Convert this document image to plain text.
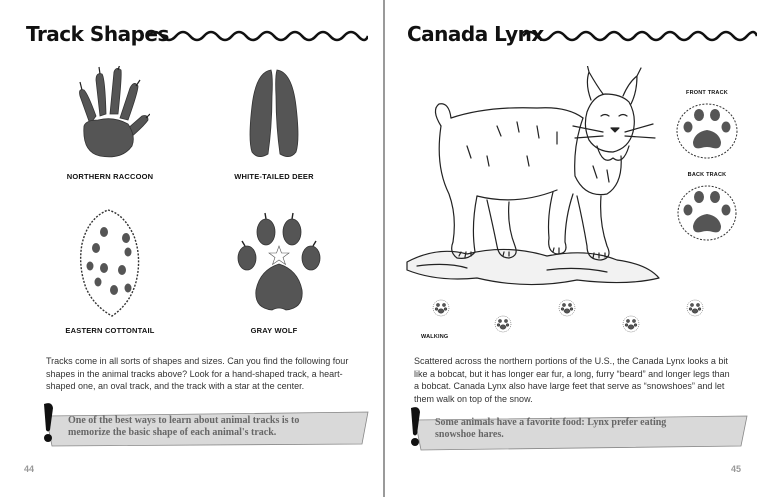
Track Shapes
NORTHERN RACCOON	WHITE-TAILED DEER
EASTERN COTTONTAIL	GRAY WOLF
Tracks come in all sorts of shapes and sizes. Can you find the following four
shapes in the animal tracks above? Look for a hand-shaped track, a heart-
shaped one, an oval track, and the track with a star at the center.
One of the best ways to learn about animal tracks is to
memorize the basic shape of each animal's track.
44
Canada Lynx
FRONT TRACK
BACK TRACK
WALKING
Scattered across the northern portions of the U.S., the Canada Lynx looks a bit
like a bobcat, but it has longer ear fur, a long, furry “beard” and longer legs than
a bobcat. Canada Lynx also have large feet that serve as “snowshoes” and let
them walk on top of the snow.
Some animals have a favorite food: Lynx prefer eating
snowshoe hares.
45
